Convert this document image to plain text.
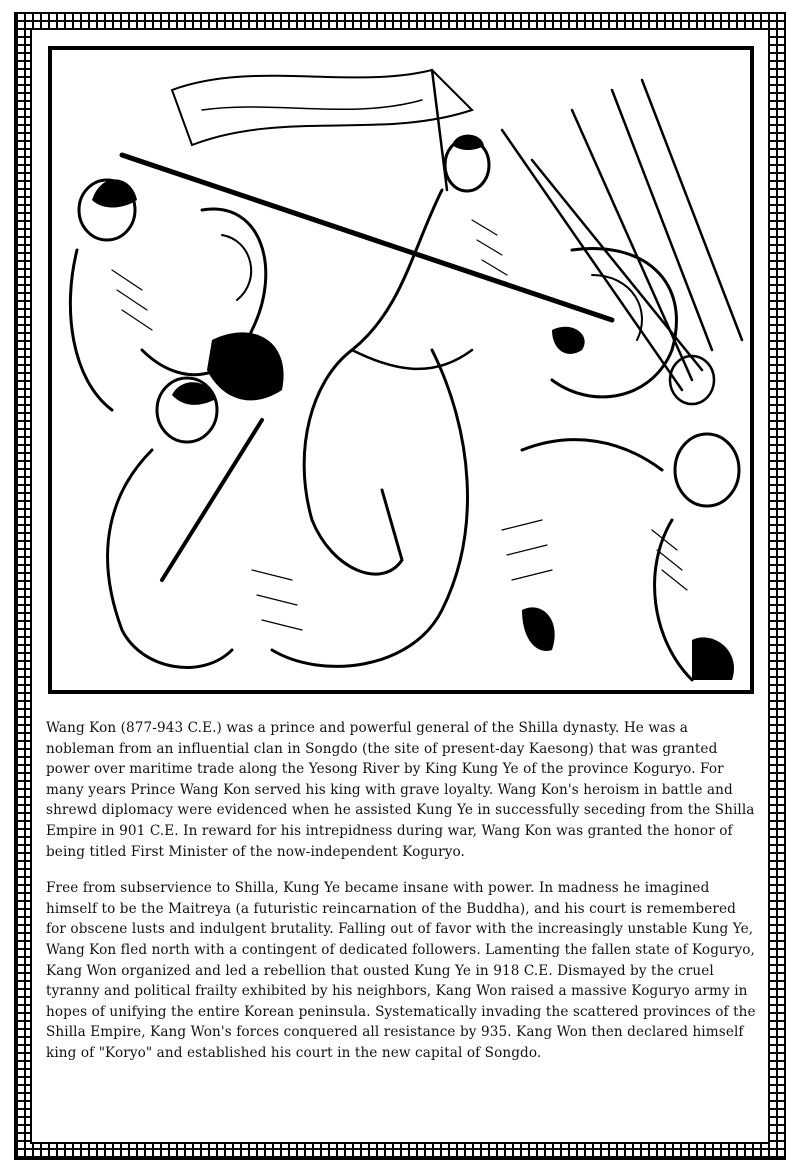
Wang Kon (877-943 C.E.) was a prince and powerful general of the Shilla dynasty. He was a nobleman from an influential clan in Songdo (the site of present-day Kaesong) that was granted power over maritime trade along the Yesong River by King Kung Ye of the province Koguryo. For many years Prince Wang Kon served his king with grave loyalty. Wang Kon's heroism in battle and shrewd diplomacy were evidenced when he assisted Kung Ye in successfully seceding from the Shilla Empire in 901 C.E. In reward for his intrepidness during war, Wang Kon was granted the honor of being titled First Minister of the now-independent Koguryo.

Free from subservience to Shilla, Kung Ye became insane with power. In madness he imagined himself to be the Maitreya (a futuristic reincarnation of the Buddha), and his court is remembered for obscene lusts and indulgent brutality. Falling out of favor with the increasingly unstable Kung Ye, Wang Kon fled north with a contingent of dedicated followers. Lamenting the fallen state of Koguryo, Kang Won organized and led a rebellion that ousted Kung Ye in 918 C.E. Dismayed by the cruel tyranny and political frailty exhibited by his neighbors, Kang Won raised a massive Koguryo army in hopes of unifying the entire Korean peninsula. Systematically invading the scattered provinces of the Shilla Empire, Kang Won's forces conquered all resistance by 935. Kang Won then declared himself king of "Koryo" and established his court in the new capital of Songdo.
